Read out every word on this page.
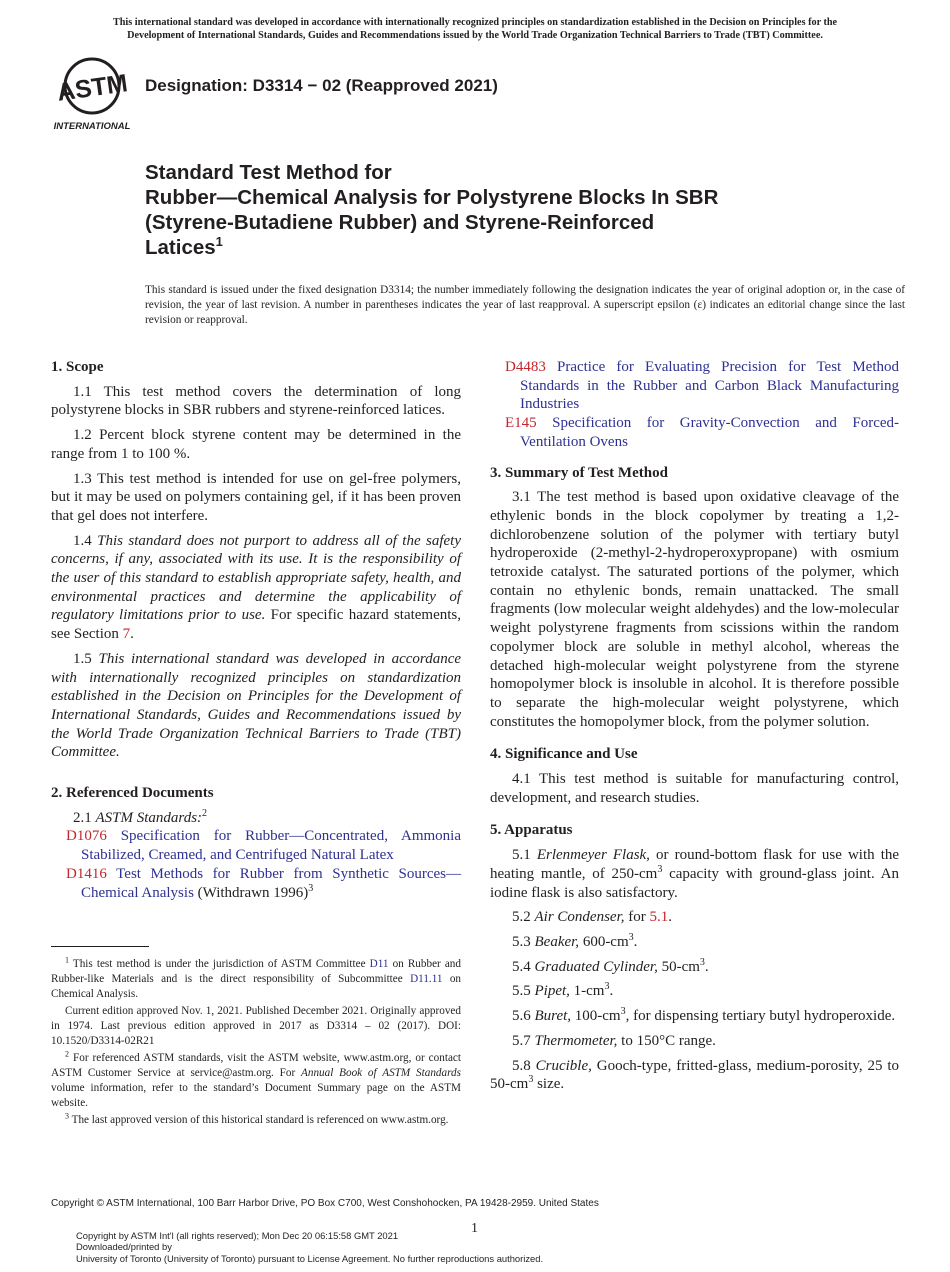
This international standard was developed in accordance with internationally recognized principles on standardization established in the Decision on Principles for the
Development of International Standards, Guides and Recommendations issued by the World Trade Organization Technical Barriers to Trade (TBT) Committee.
ASTM
INTERNATIONAL
Designation: D3314 − 02 (Reapproved 2021)
Standard Test Method for
Rubber—Chemical Analysis for Polystyrene Blocks In SBR
(Styrene-Butadiene Rubber) and Styrene-Reinforced
Latices$^1$
This standard is issued under the fixed designation D3314; the number immediately following the designation indicates the year of original adoption or, in the case of revision, the year of last revision. A number in parentheses indicates the year of last reapproval. A superscript epsilon (ε) indicates an editorial change since the last revision or reapproval.
1. Scope
1.1 This test method covers the determination of long polystyrene blocks in SBR rubbers and styrene-reinforced latices.
1.2 Percent block styrene content may be determined in the range from 1 to 100 %.
1.3 This test method is intended for use on gel-free polymers, but it may be used on polymers containing gel, if it has been proven that gel does not interfere.
1.4 This standard does not purport to address all of the safety concerns, if any, associated with its use. It is the responsibility of the user of this standard to establish appropriate safety, health, and environmental practices and determine the applicability of regulatory limitations prior to use. For specific hazard statements, see Section 7.
1.5 This international standard was developed in accordance with internationally recognized principles on standardization established in the Decision on Principles for the Development of International Standards, Guides and Recommendations issued by the World Trade Organization Technical Barriers to Trade (TBT) Committee.
2. Referenced Documents
2.1 ASTM Standards:$^2$
D1076 Specification for Rubber—Concentrated, Ammonia Stabilized, Creamed, and Centrifuged Natural Latex
D1416 Test Methods for Rubber from Synthetic Sources—Chemical Analysis (Withdrawn 1996)$^3$
$^1$ This test method is under the jurisdiction of ASTM Committee D11 on Rubber and Rubber-like Materials and is the direct responsibility of Subcommittee D11.11 on Chemical Analysis.
Current edition approved Nov. 1, 2021. Published December 2021. Originally approved in 1974. Last previous edition approved in 2017 as D3314 – 02 (2017). DOI: 10.1520/D3314-02R21
$^2$ For referenced ASTM standards, visit the ASTM website, www.astm.org, or contact ASTM Customer Service at service@astm.org. For Annual Book of ASTM Standards volume information, refer to the standard’s Document Summary page on the ASTM website.
$^3$ The last approved version of this historical standard is referenced on www.astm.org.
D4483 Practice for Evaluating Precision for Test Method Standards in the Rubber and Carbon Black Manufacturing Industries
E145 Specification for Gravity-Convection and Forced-Ventilation Ovens
3. Summary of Test Method
3.1 The test method is based upon oxidative cleavage of the ethylenic bonds in the block copolymer by treating a 1,2-dichlorobenzene solution of the polymer with tertiary butyl hydroperoxide (2-methyl-2-hydroperoxypropane) with osmium tetroxide catalyst. The saturated portions of the polymer, which contain no ethylenic bonds, remain unattacked. The small fragments (low molecular weight aldehydes) and the low-molecular weight polystyrene fragments from scissions within the random copolymer block are soluble in methyl alcohol, whereas the detached high-molecular weight polystyrene from the styrene homopolymer block is insoluble in alcohol. It is therefore possible to separate the high-molecular weight polystyrene, which constitutes the homopolymer block, from the polymer solution.
4. Significance and Use
4.1 This test method is suitable for manufacturing control, development, and research studies.
5. Apparatus
5.1 Erlenmeyer Flask, or round-bottom flask for use with the heating mantle, of $250-cm^3$ capacity with ground-glass joint. An iodine flask is also satisfactory.
5.2 Air Condenser, for 5.1.
5.3 Beaker, $600-cm^3$.
5.4 Graduated Cylinder, $50-cm^3$.
5.5 Pipet, $1-cm^3$.
5.6 Buret, $100-cm^3$, for dispensing tertiary butyl hydroperoxide.
5.7 Thermometer, to 150°C range.
5.8 Crucible, Gooch-type, fritted-glass, medium-porosity, 25 to $50-cm^3$ size.
Copyright © ASTM International, 100 Barr Harbor Drive, PO Box C700, West Conshohocken, PA 19428-2959. United States
1
Copyright by ASTM Int'l (all rights reserved); Mon Dec 20 06:15:58 GMT 2021
Downloaded/printed by
University of Toronto (University of Toronto) pursuant to License Agreement. No further reproductions authorized.
